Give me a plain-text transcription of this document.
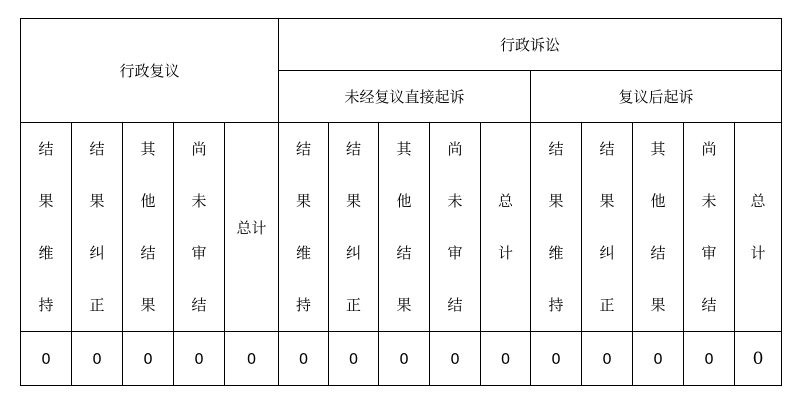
行政复议					行政诉讼									
					未经复议直接起诉					复议后起诉				
结果维持	结果纠正	其他结果	尚未审结	总计	结果维持	结果纠正	其他结果	尚未审结	总计	结果维持	结果纠正	其他结果	尚未审结	总计
0	0	0	0	0	0	0	0	0	0	0	0	0	0	0
